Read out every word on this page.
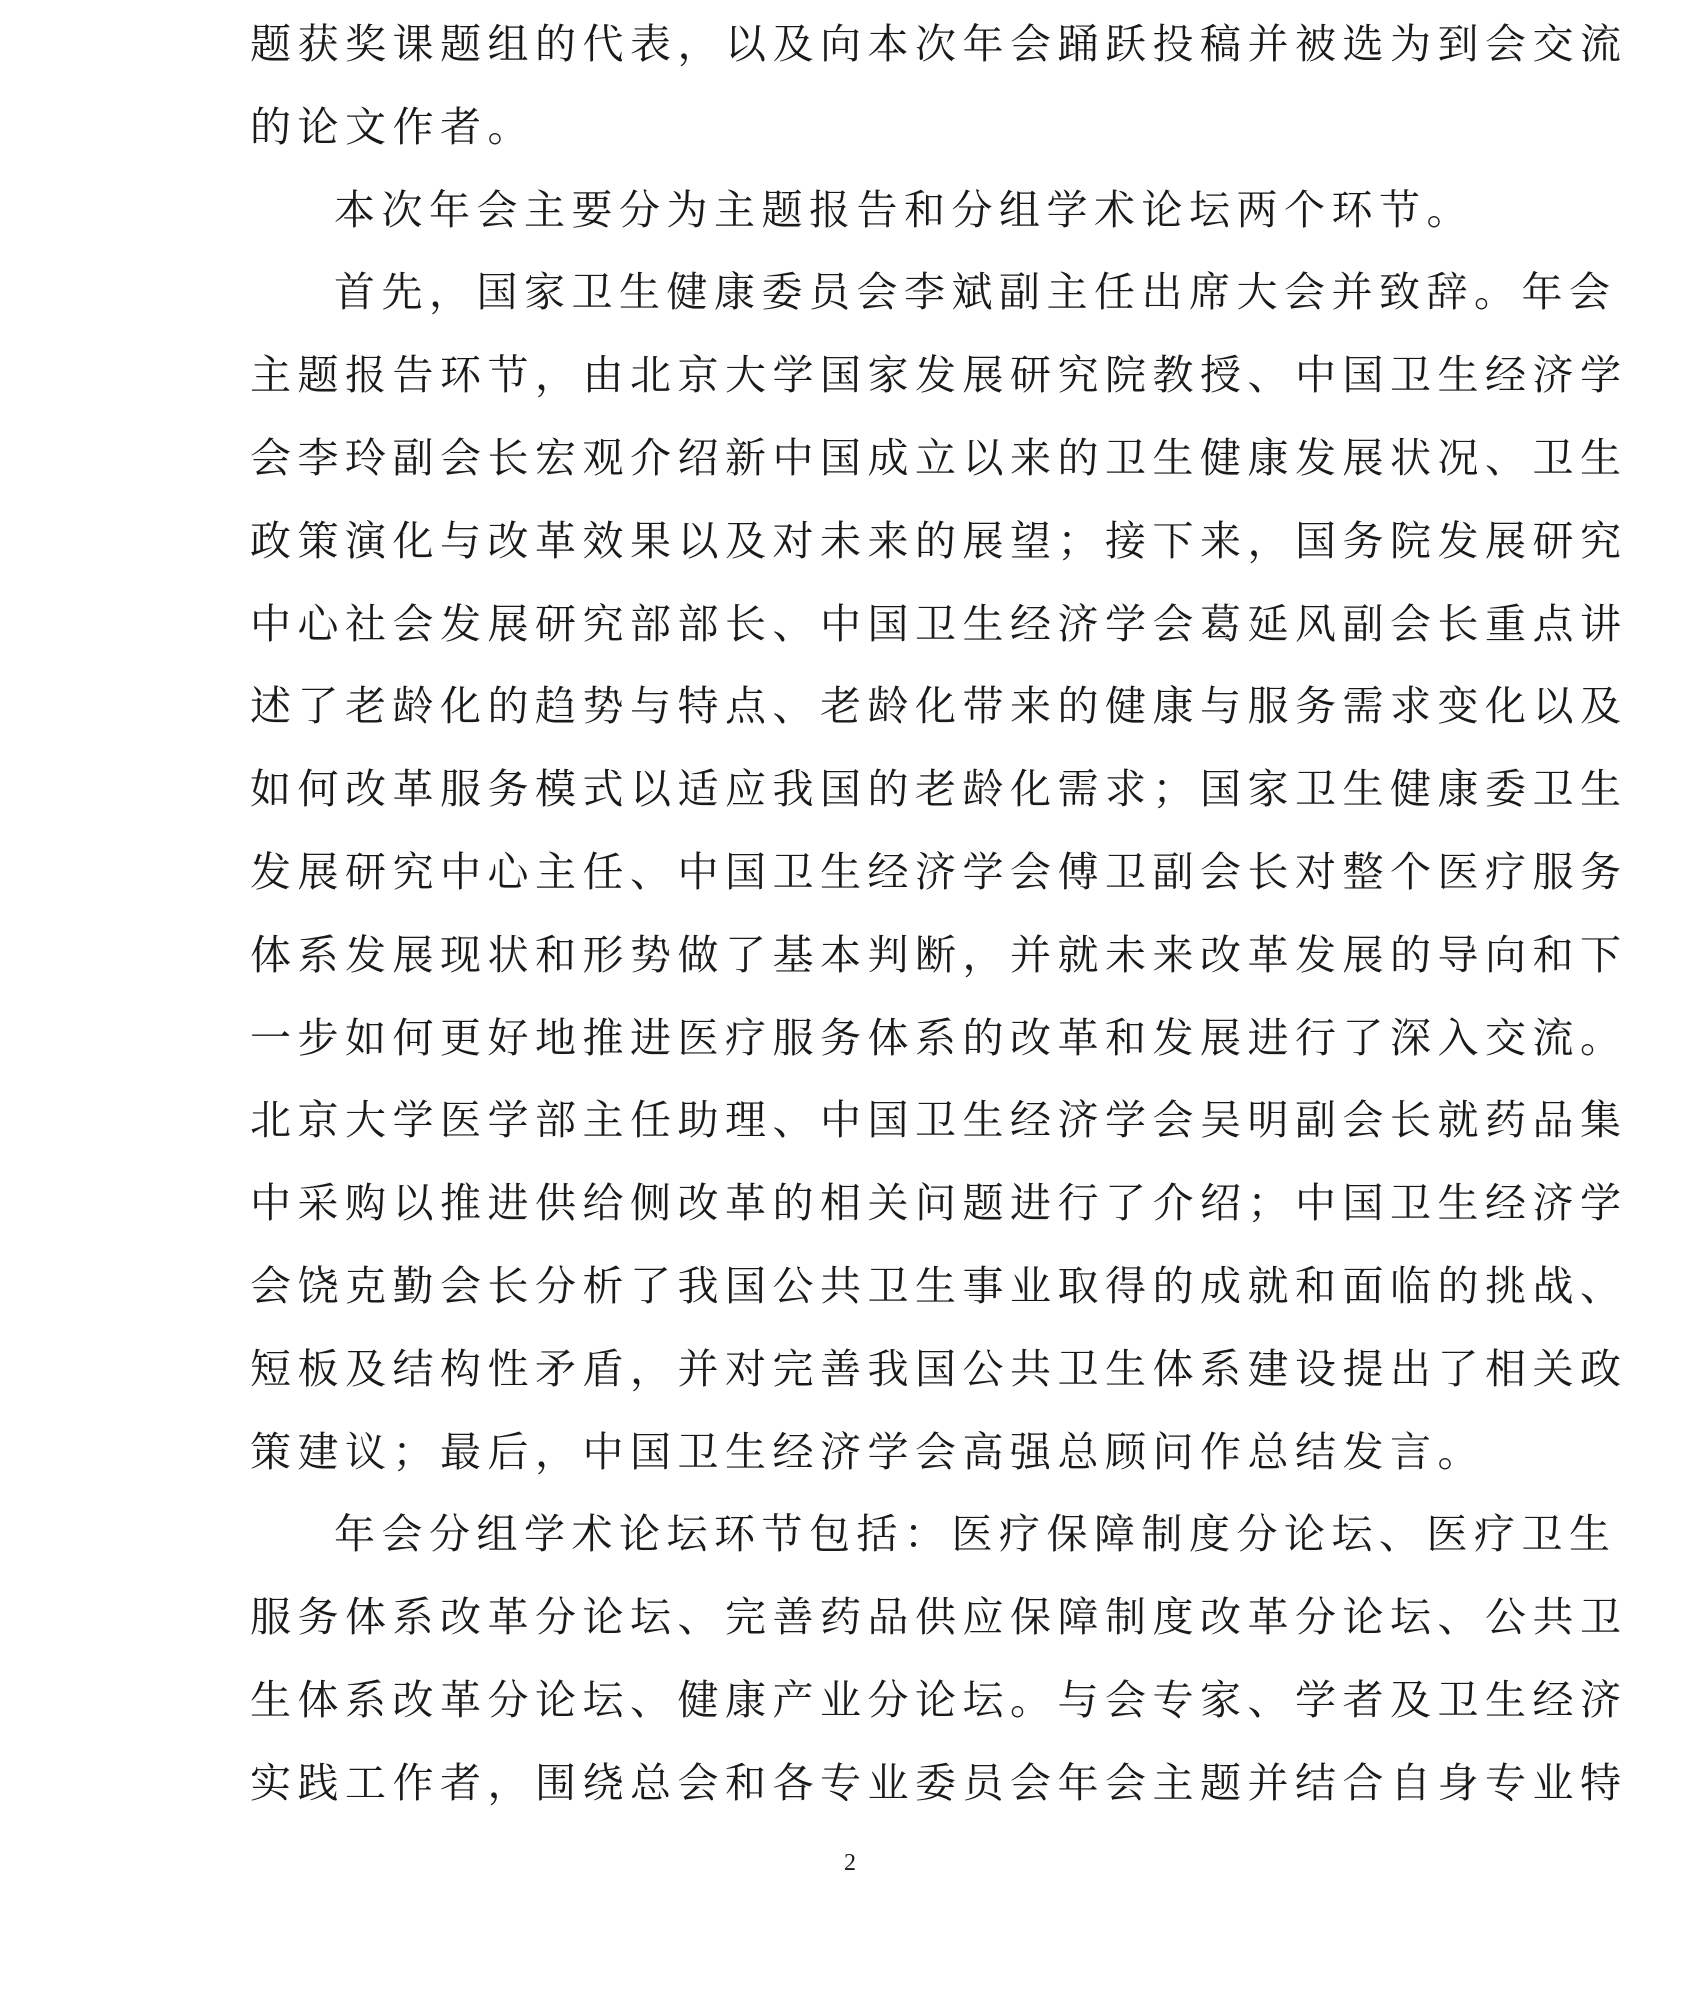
题获奖课题组的代表，以及向本次年会踊跃投稿并被选为到会交流
的论文作者。
本次年会主要分为主题报告和分组学术论坛两个环节。
首先，国家卫生健康委员会李斌副主任出席大会并致辞。年会
主题报告环节，由北京大学国家发展研究院教授、中国卫生经济学
会李玲副会长宏观介绍新中国成立以来的卫生健康发展状况、卫生
政策演化与改革效果以及对未来的展望；接下来，国务院发展研究
中心社会发展研究部部长、中国卫生经济学会葛延风副会长重点讲
述了老龄化的趋势与特点、老龄化带来的健康与服务需求变化以及
如何改革服务模式以适应我国的老龄化需求；国家卫生健康委卫生
发展研究中心主任、中国卫生经济学会傅卫副会长对整个医疗服务
体系发展现状和形势做了基本判断，并就未来改革发展的导向和下
一步如何更好地推进医疗服务体系的改革和发展进行了深入交流。
北京大学医学部主任助理、中国卫生经济学会吴明副会长就药品集
中采购以推进供给侧改革的相关问题进行了介绍；中国卫生经济学
会饶克勤会长分析了我国公共卫生事业取得的成就和面临的挑战、
短板及结构性矛盾，并对完善我国公共卫生体系建设提出了相关政
策建议；最后，中国卫生经济学会高强总顾问作总结发言。
年会分组学术论坛环节包括：医疗保障制度分论坛、医疗卫生
服务体系改革分论坛、完善药品供应保障制度改革分论坛、公共卫
生体系改革分论坛、健康产业分论坛。与会专家、学者及卫生经济
实践工作者，围绕总会和各专业委员会年会主题并结合自身专业特
2
